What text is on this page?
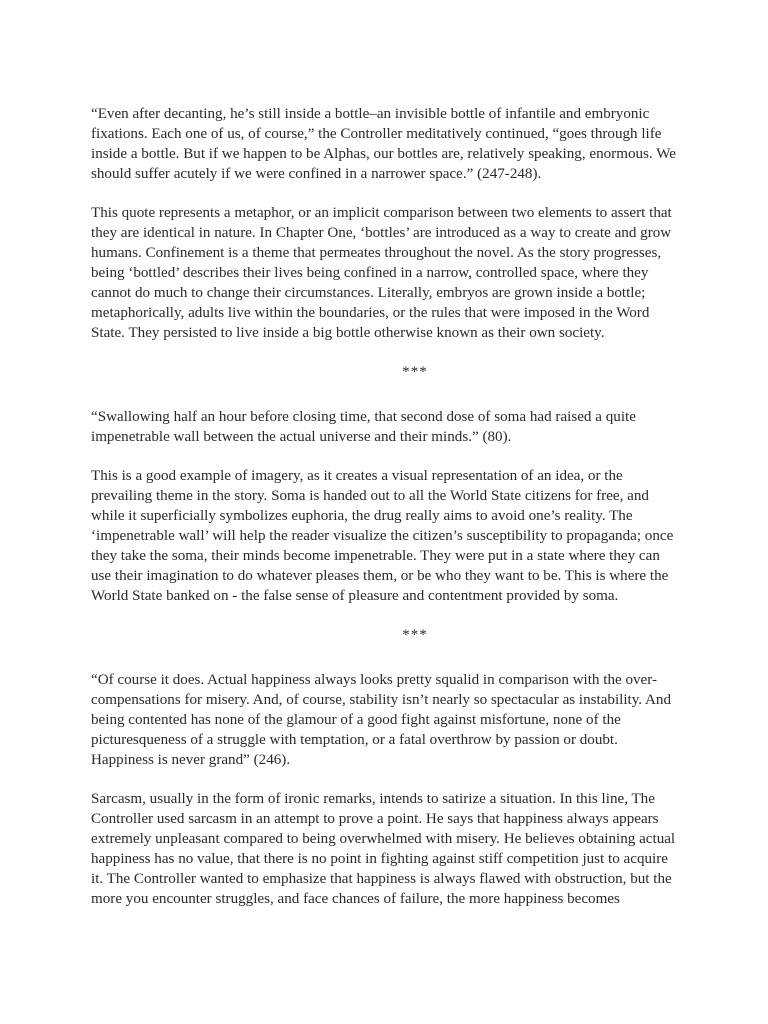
“Even after decanting, he’s still inside a bottle–an invisible bottle of infantile and embryonic
fixations. Each one of us, of course,” the Controller meditatively continued, “goes through life
inside a bottle. But if we happen to be Alphas, our bottles are, relatively speaking, enormous. We
should suffer acutely if we were confined in a narrower space.” (247-248).
This quote represents a metaphor, or an implicit comparison between two elements to assert that
they are identical in nature. In Chapter One, ‘bottles’ are introduced as a way to create and grow
humans. Confinement is a theme that permeates throughout the novel. As the story progresses,
being ‘bottled’ describes their lives being confined in a narrow, controlled space, where they
cannot do much to change their circumstances. Literally, embryos are grown inside a bottle;
metaphorically, adults live within the boundaries, or the rules that were imposed in the Word
State. They persisted to live inside a big bottle otherwise known as their own society.
***
“Swallowing half an hour before closing time, that second dose of soma had raised a quite
impenetrable wall between the actual universe and their minds.” (80).
This is a good example of imagery, as it creates a visual representation of an idea, or the
prevailing theme in the story. Soma is handed out to all the World State citizens for free, and
while it superficially symbolizes euphoria, the drug really aims to avoid one’s reality. The
‘impenetrable wall’ will help the reader visualize the citizen’s susceptibility to propaganda; once
they take the soma, their minds become impenetrable. They were put in a state where they can
use their imagination to do whatever pleases them, or be who they want to be. This is where the
World State banked on - the false sense of pleasure and contentment provided by soma.
***
“Of course it does. Actual happiness always looks pretty squalid in comparison with the over-
compensations for misery. And, of course, stability isn’t nearly so spectacular as instability. And
being contented has none of the glamour of a good fight against misfortune, none of the
picturesqueness of a struggle with temptation, or a fatal overthrow by passion or doubt.
Happiness is never grand” (246).
Sarcasm, usually in the form of ironic remarks, intends to satirize a situation. In this line, The
Controller used sarcasm in an attempt to prove a point. He says that happiness always appears
extremely unpleasant compared to being overwhelmed with misery. He believes obtaining actual
happiness has no value, that there is no point in fighting against stiff competition just to acquire
it. The Controller wanted to emphasize that happiness is always flawed with obstruction, but the
more you encounter struggles, and face chances of failure, the more happiness becomes
